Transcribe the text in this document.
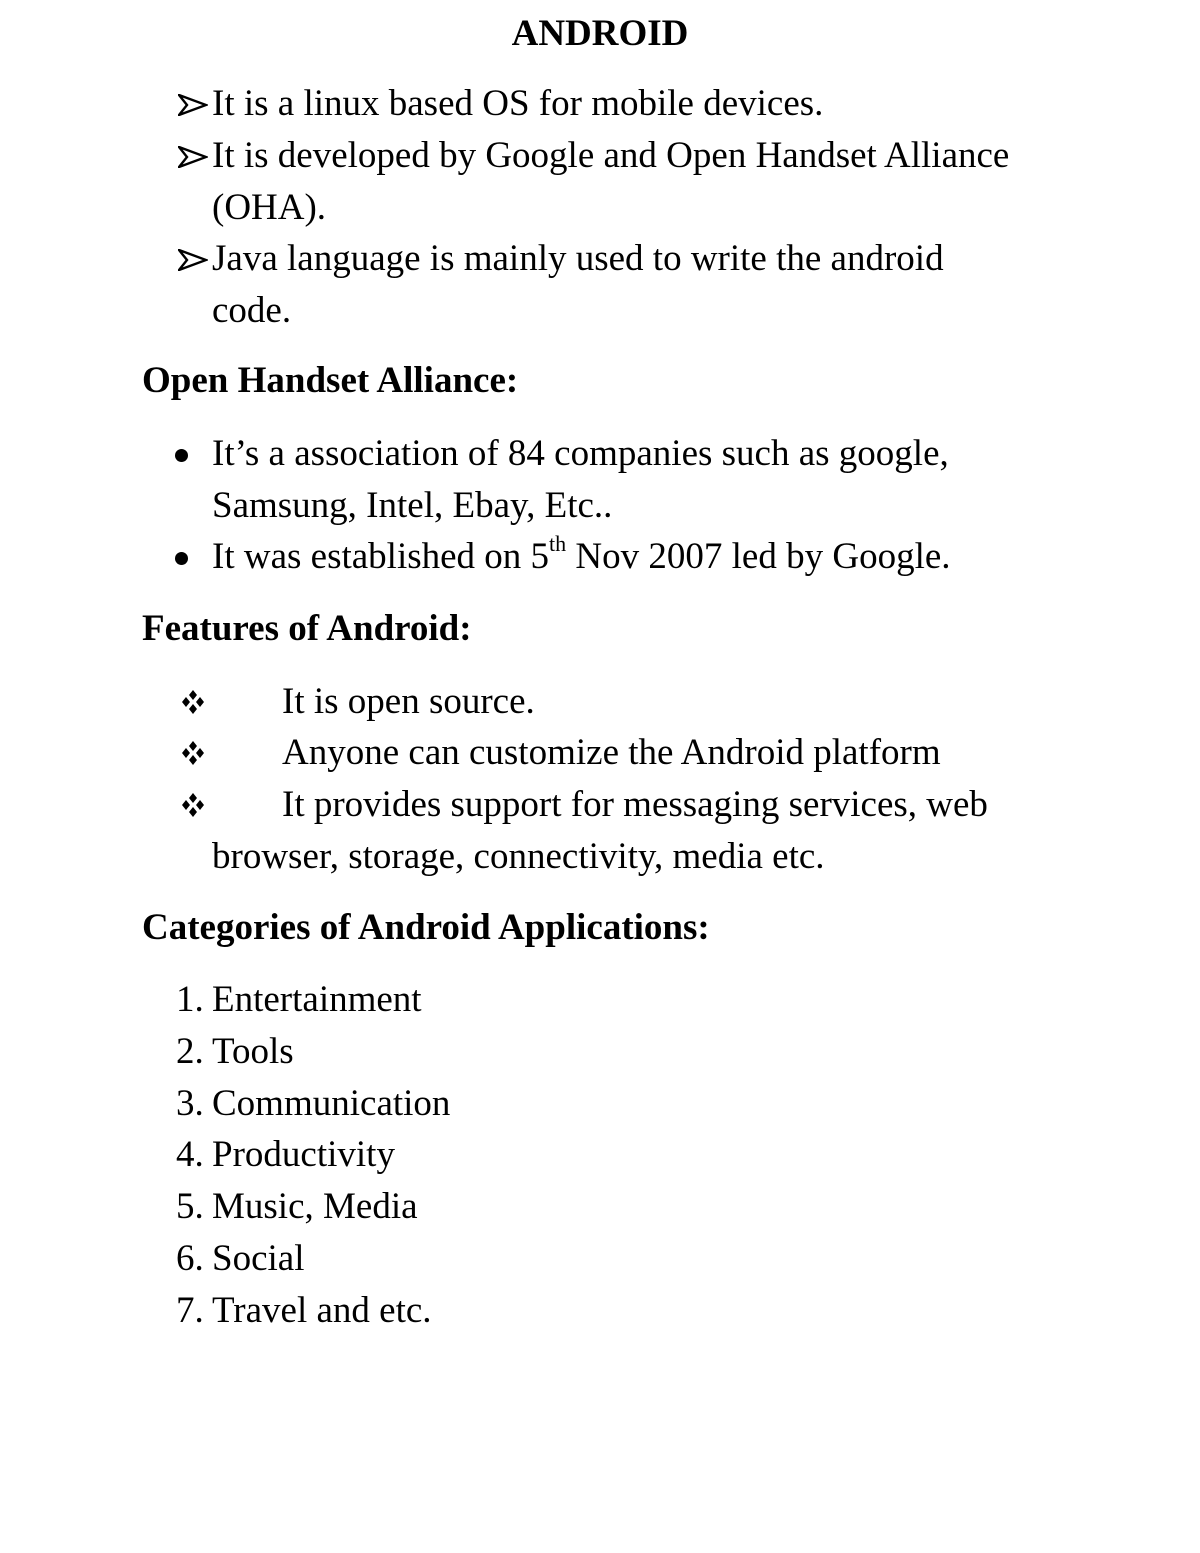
ANDROID
It is a linux based OS for mobile devices.
It is developed by Google and Open Handset Alliance
(OHA).
Java language is mainly used to write the android
code.
Open Handset Alliance:
It’s a association of 84 companies such as google,
Samsung, Intel, Ebay, Etc..
It was established on 5th Nov 2007 led by Google.
Features of Android:
It is open source.
Anyone can customize the Android platform
It provides support for messaging services, web
browser, storage, connectivity, media etc.
Categories of Android Applications:
1. Entertainment
2. Tools
3. Communication
4. Productivity
5. Music, Media
6. Social
7. Travel and etc.
